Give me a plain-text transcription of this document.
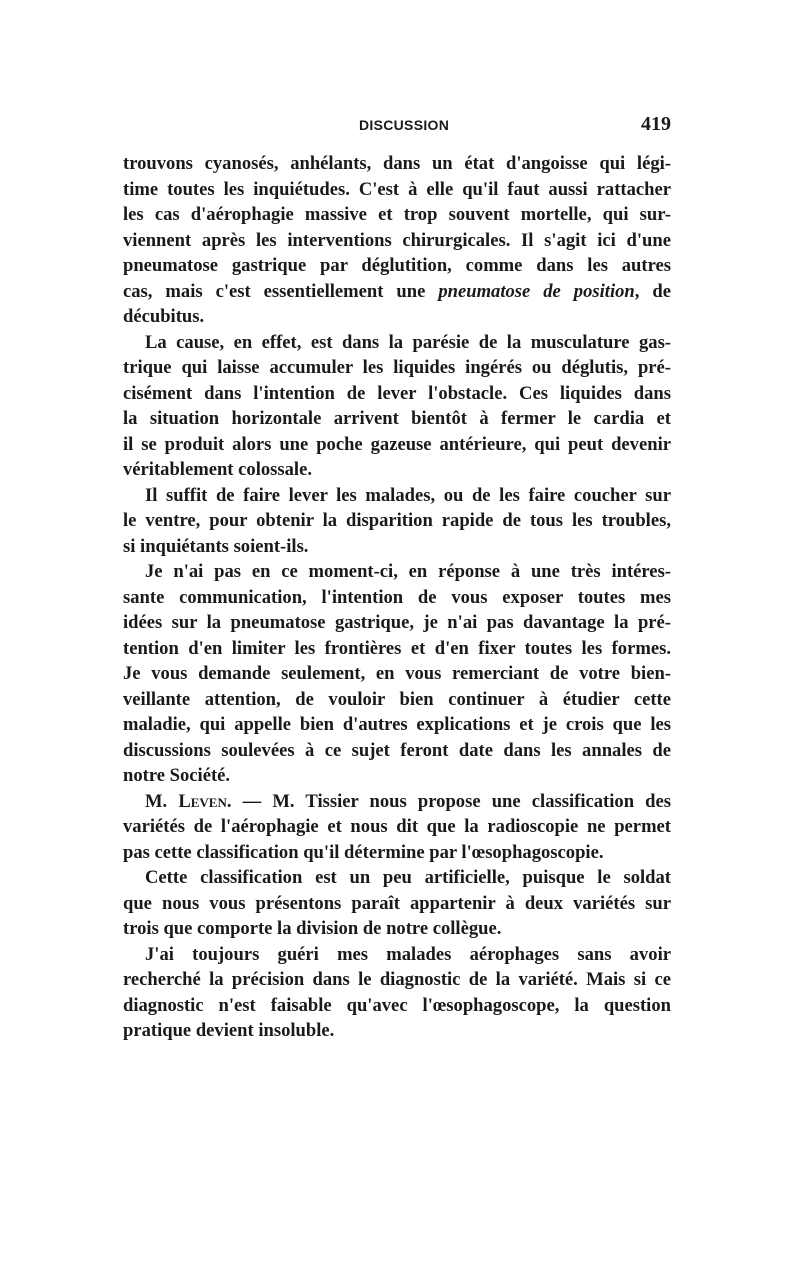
DISCUSSION	419
trouvons cyanosés, anhélants, dans un état d'angoisse qui légi-
time toutes les inquiétudes. C'est à elle qu'il faut aussi rattacher
les cas d'aérophagie massive et trop souvent mortelle, qui sur-
viennent après les interventions chirurgicales. Il s'agit ici d'une
pneumatose gastrique par déglutition, comme dans les autres
cas, mais c'est essentiellement une pneumatose de position, de
décubitus.
La cause, en effet, est dans la parésie de la musculature gas-
trique qui laisse accumuler les liquides ingérés ou déglutis, pré-
cisément dans l'intention de lever l'obstacle. Ces liquides dans
la situation horizontale arrivent bientôt à fermer le cardia et
il se produit alors une poche gazeuse antérieure, qui peut devenir
véritablement colossale.
Il suffit de faire lever les malades, ou de les faire coucher sur
le ventre, pour obtenir la disparition rapide de tous les troubles,
si inquiétants soient-ils.
Je n'ai pas en ce moment-ci, en réponse à une très intéres-
sante communication, l'intention de vous exposer toutes mes
idées sur la pneumatose gastrique, je n'ai pas davantage la pré-
tention d'en limiter les frontières et d'en fixer toutes les formes.
Je vous demande seulement, en vous remerciant de votre bien-
veillante attention, de vouloir bien continuer à étudier cette
maladie, qui appelle bien d'autres explications et je crois que les
discussions soulevées à ce sujet feront date dans les annales de
notre Société.
M. Leven. — M. Tissier nous propose une classification des
variétés de l'aérophagie et nous dit que la radioscopie ne permet
pas cette classification qu'il détermine par l'œsophagoscopie.
Cette classification est un peu artificielle, puisque le soldat
que nous vous présentons paraît appartenir à deux variétés sur
trois que comporte la division de notre collègue.
J'ai toujours guéri mes malades aérophages sans avoir
recherché la précision dans le diagnostic de la variété. Mais si ce
diagnostic n'est faisable qu'avec l'œsophagoscope, la question
pratique devient insoluble.
